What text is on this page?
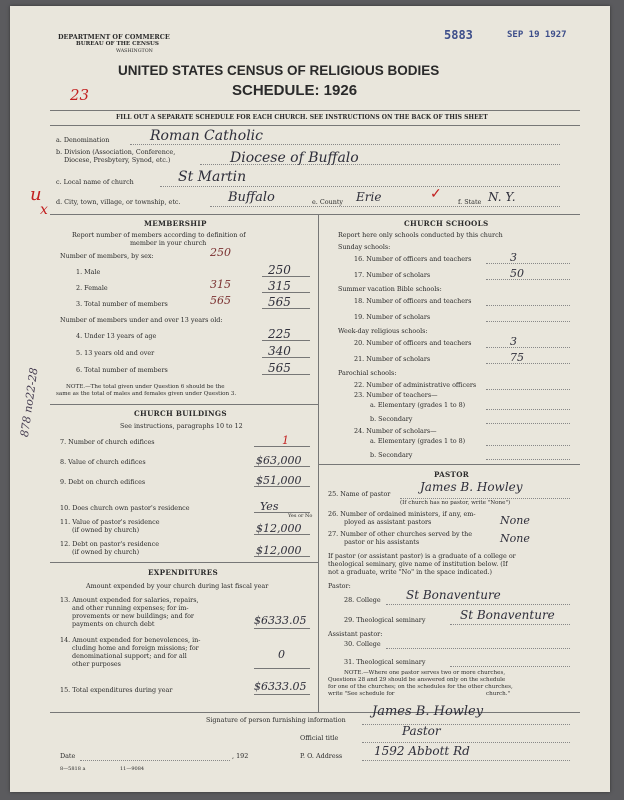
DEPARTMENT OF COMMERCE
BUREAU OF THE CENSUS
WASHINGTON
5883	SEP 19 1927
UNITED STATES CENSUS OF RELIGIOUS BODIES
SCHEDULE: 1926
23
FILL OUT A SEPARATE SCHEDULE FOR EACH CHURCH. SEE INSTRUCTIONS ON THE BACK OF THIS SHEET
a. Denomination	Roman Catholic
b. Division (Association, Conference,
Diocese, Presbytery, Synod, etc.)	Diocese of Buffalo
c. Local name of church	St Martin
d. City, town, village, or township, etc.	Buffalo	e. County Erie	f. State N. Y.
u
x
✓
MEMBERSHIP
Report number of members according to definition of
member in your church
NOTE.—The total given under Question 6 should be the
same as the total of males and females given under Question 3.
CHURCH BUILDINGS
See instructions, paragraphs 10 to 12
Yes or No
EXPENDITURES
Amount expended by your church during last fiscal year
13. Amount expended for salaries, repairs,
and other running expenses; for im-
provements or new buildings; and for
payments on church debt	$6333.05
14. Amount expended for benevolences, in-
cluding home and foreign missions; for
denominational support; and for all
other purposes
0
15. Total expenditures during year	$6333.05
CHURCH SCHOOLS
Report here only schools conducted by this church
PASTOR
25. Name of pastor James B. Howley
(If church has no pastor, write "None")
26. Number of ordained ministers, if any, em-
ployed as assistant pastors	None
27. Number of other churches served by the
pastor or his assistants	None
If pastor (or assistant pastor) is a graduate of a college or
theological seminary, give name of institution below. (If
not a graduate, write "No" in the space indicated.)
Pastor:
28. College St Bonaventure
29. Theological seminary	St Bonaventure
Assistant pastor:
30. College
31. Theological seminary
NOTE.—Where one pastor serves two or more churches,
Questions 28 and 29 should be answered only on the schedule
for one of the churches; on the schedules for the other churches,
write "See schedule for	church."
Signature of person furnishing information
James B. Howley
Official title	Pastor
Date	, 192	P. O. Address	1592 Abbott Rd
8—5818 a	11—9084
878 no22-28
Number of members, by sex:	250
1. Male	250
2. Female	315	315
3. Total number of members	565	565
Number of members under and over 13 years old:
4. Under 13 years of age	225
5. 13 years old and over	340
6. Total number of members	565
7. Number of church edifices	1
8. Value of church edifices	$63,000
9. Debt on church edifices	$51,000
10. Does church own pastor's residence	Yes
11. Value of pastor's residence
(if owned by church)	$12,000
12. Debt on pastor's residence
(if owned by church)	$12,000
Sunday schools:
16. Number of officers and teachers	3
17. Number of scholars	50
Summer vacation Bible schools:
18. Number of officers and teachers
19. Number of scholars
Week-day religious schools:
20. Number of officers and teachers	3
21. Number of scholars	75
Parochial schools:
22. Number of administrative officers
23. Number of teachers—
a. Elementary (grades 1 to 8)
b. Secondary
24. Number of scholars—
a. Elementary (grades 1 to 8)
b. Secondary
